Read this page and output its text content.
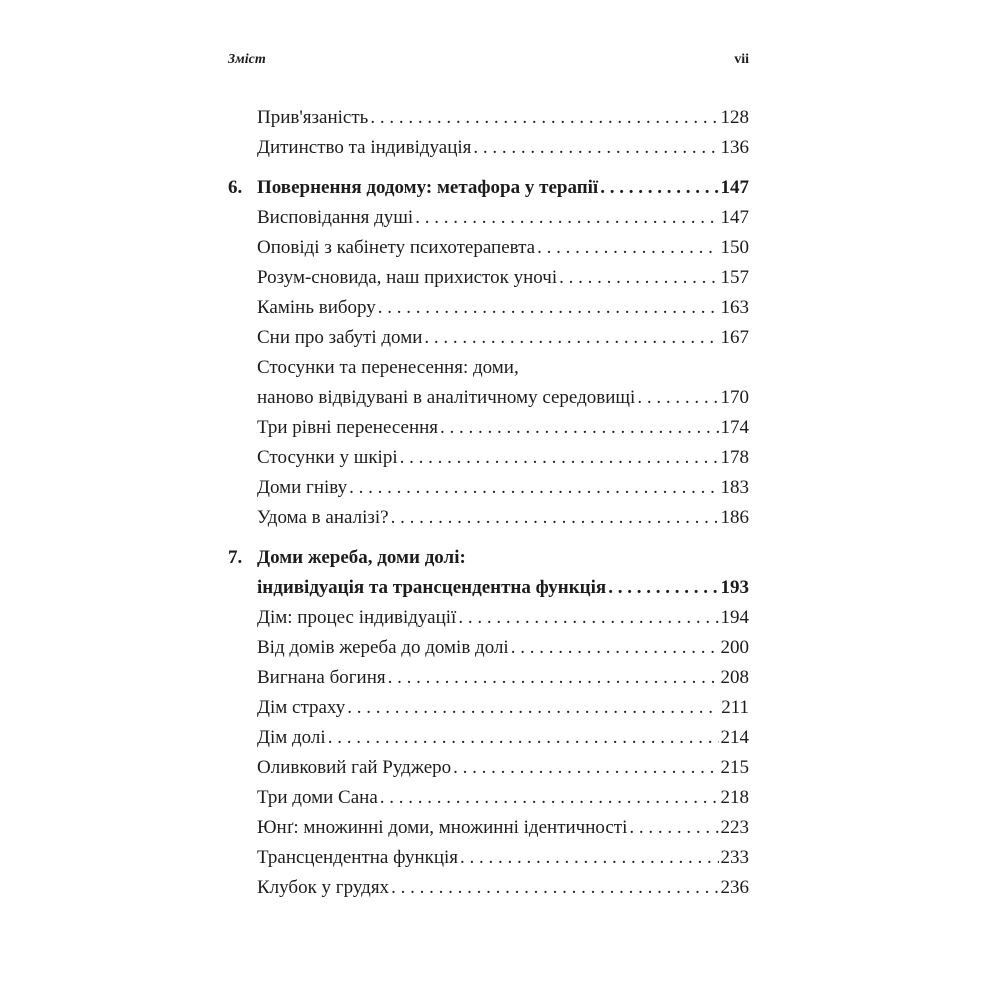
Зміст	vii
Прив'язаність . . .	128
Дитинство та індивідуація . . .	136
6. Повернення додому: метафора у терапії . . .	147
Висповідання душі . . .	147
Оповіді з кабінету психотерапевта . . .	150
Розум-сновида, наш прихисток уночі . . .	157
Камінь вибору . . .	163
Сни про забуті доми . . .	167
Стосунки та перенесення: доми,
наново відвідувані в аналітичному середовищі . . .	170
Три рівні перенесення . . .	174
Стосунки у шкірі . . .	178
Доми гніву . . .	183
Удома в аналізі? . . .	186
7. Доми жереба, доми долі:
індивідуація та трансцендентна функція . . .	193
Дім: процес індивідуації . . .	194
Від домів жереба до домів долі . . .	200
Вигнана богиня . . .	208
Дім страху . . .	211
Дім долі . . .	214
Оливковий гай Руджеро . . .	215
Три доми Сана . . .	218
Юнґ: множинні доми, множинні ідентичності . . .	223
Трансцендентна функція . . .	233
Клубок у грудях . . .	236
